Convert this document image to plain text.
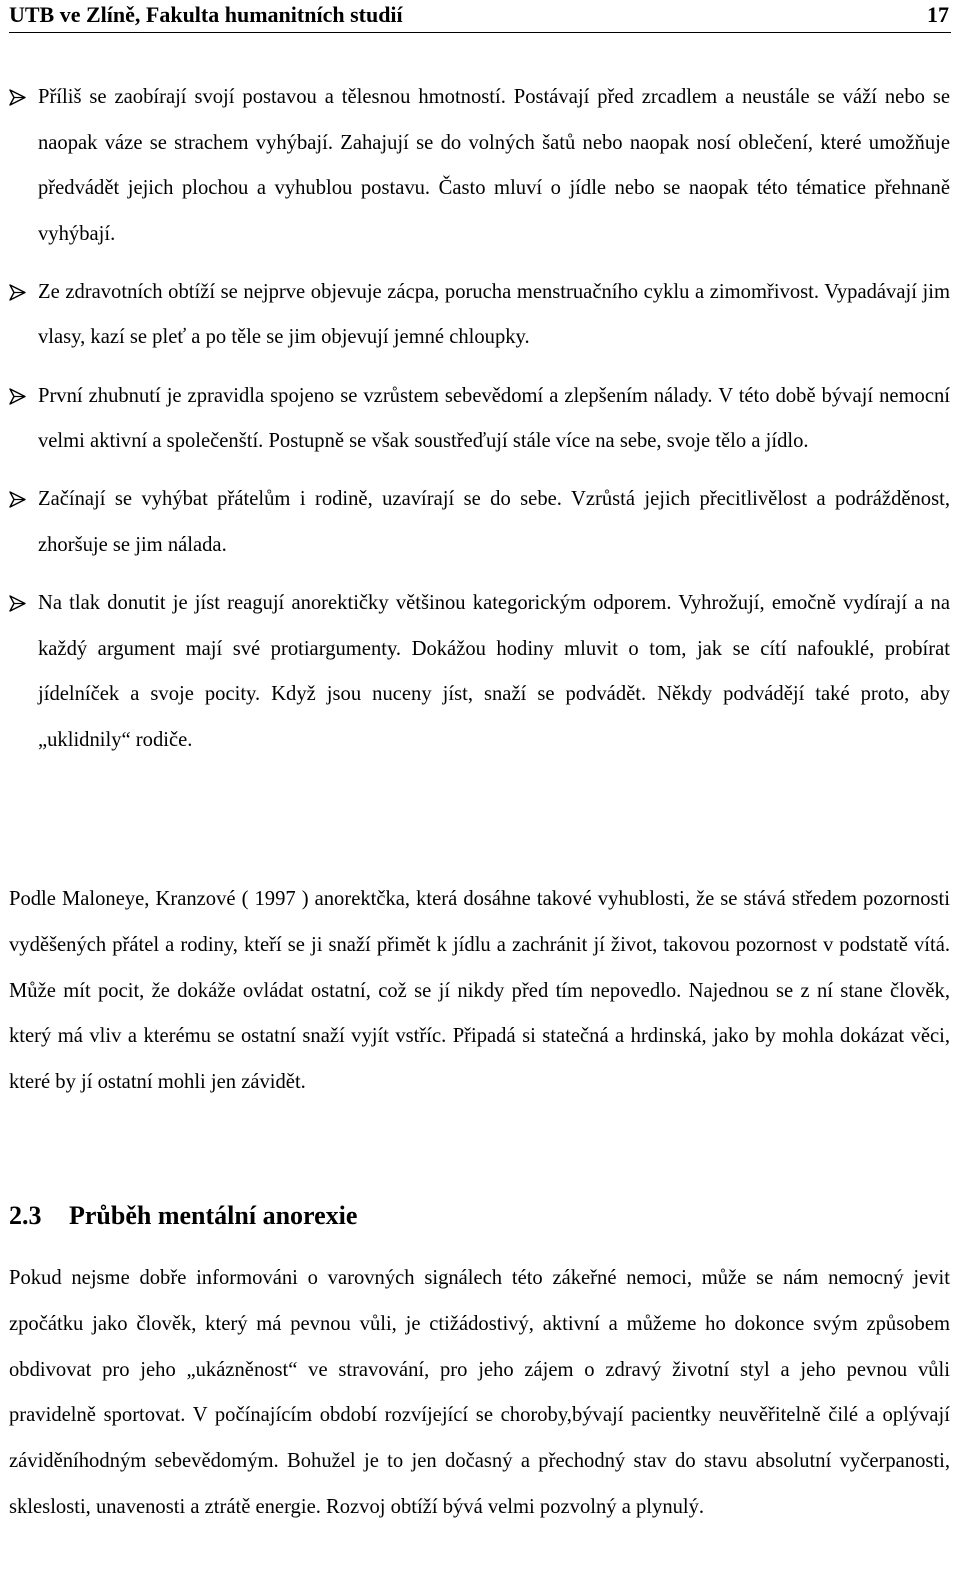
UTB ve Zlíně, Fakulta humanitních studií	17
Příliš se zaobírají svojí postavou a tělesnou hmotností. Postávají před zrcadlem a neustále se váží nebo se naopak váze se strachem vyhýbají. Zahajují se do volných šatů nebo naopak nosí oblečení, které umožňuje předvádět jejich plochou a vyhublou postavu. Často mluví o jídle nebo se naopak této tématice přehnaně vyhýbají.
Ze zdravotních obtíží se nejprve objevuje zácpa, porucha menstruačního cyklu a zimomřivost. Vypadávají jim vlasy, kazí se pleť a po těle se jim objevují jemné chloupky.
První zhubnutí je zpravidla spojeno se vzrůstem sebevědomí a zlepšením nálady. V této době bývají nemocní velmi aktivní a společenští. Postupně se však soustřeďují stále více na sebe, svoje tělo a jídlo.
Začínají se vyhýbat přátelům i rodině, uzavírají se do sebe. Vzrůstá jejich přecitlivělost a podrážděnost, zhoršuje se jim nálada.
Na tlak donutit je jíst reagují anorektičky většinou kategorickým odporem. Vyhrožují, emočně vydírají a na každý argument mají své protiargumenty. Dokážou hodiny mluvit o tom, jak se cítí nafouklé, probírat jídelníček a svoje pocity. Když jsou nuceny jíst, snaží se podvádět. Někdy podvádějí také proto, aby „uklidnily“ rodiče.

Podle Maloneye, Kranzové ( 1997 ) anorektčka, která dosáhne takové vyhublosti, že se stává středem pozornosti vyděšených přátel a rodiny, kteří se ji snaží přimět k jídlu a zachránit jí život, takovou pozornost v podstatě vítá. Může mít pocit, že dokáže ovládat ostatní, což se jí nikdy před tím nepovedlo. Najednou se z ní stane člověk, který má vliv a kterému se ostatní snaží vyjít vstříc. Připadá si statečná a hrdinská, jako by mohla dokázat věci, které by jí ostatní mohli jen závidět.

2.3 Průběh mentální anorexie

Pokud nejsme dobře informováni o varovných signálech této zákeřné nemoci, může se nám nemocný jevit zpočátku jako člověk, který má pevnou vůli, je ctižádostivý, aktivní a můžeme ho dokonce svým způsobem obdivovat pro jeho „ukázněnost“ ve stravování, pro jeho zájem o zdravý životní styl a jeho pevnou vůli pravidelně sportovat. V počínajícím období rozvíjející se choroby,bývají pacientky neuvěřitelně čilé a oplývají záviděníhodným sebevědomým. Bohužel je to jen dočasný a přechodný stav do stavu absolutní vyčerpanosti, skleslosti, unavenosti a ztrátě energie. Rozvoj obtíží bývá velmi pozvolný a plynulý.
